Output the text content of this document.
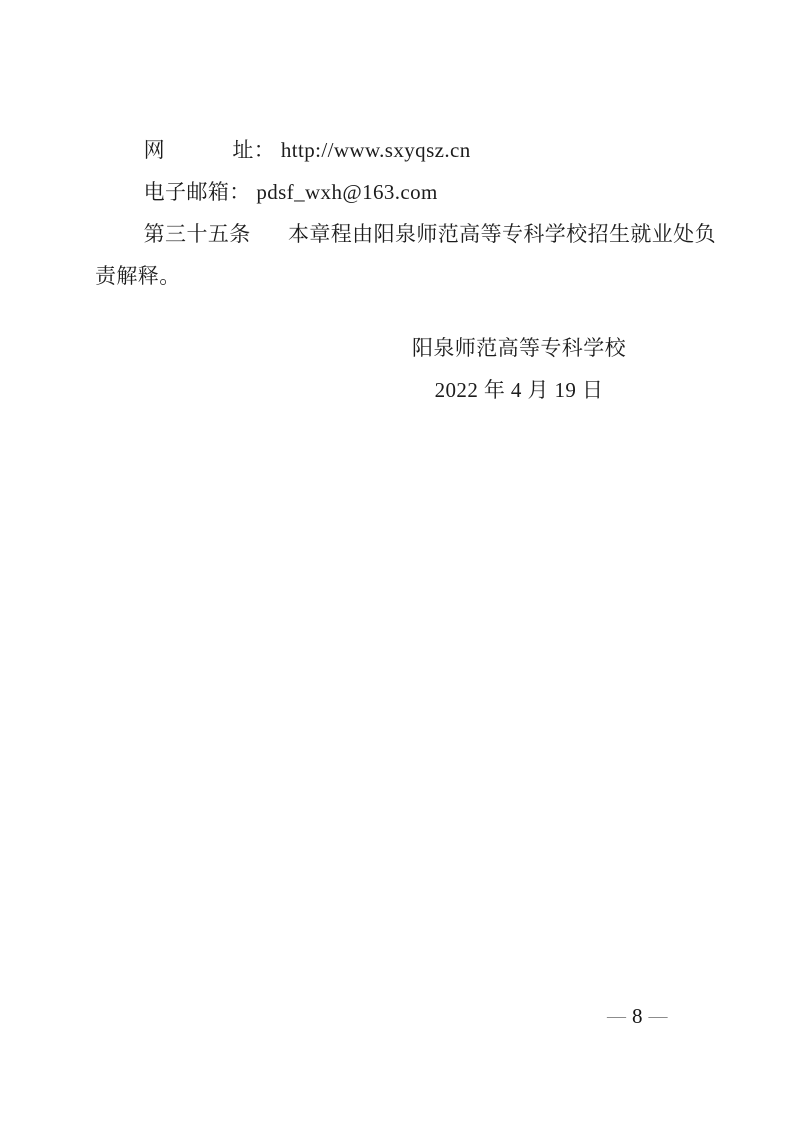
网	址： http://www.sxyqsz.cn

电子邮箱： pdsf_wxh@163.com

第三十五条 本章程由阳泉师范高等专科学校招生就业处负
责解释。

阳泉师范高等专科学校

2022 年 4 月 19 日

— 8 —
